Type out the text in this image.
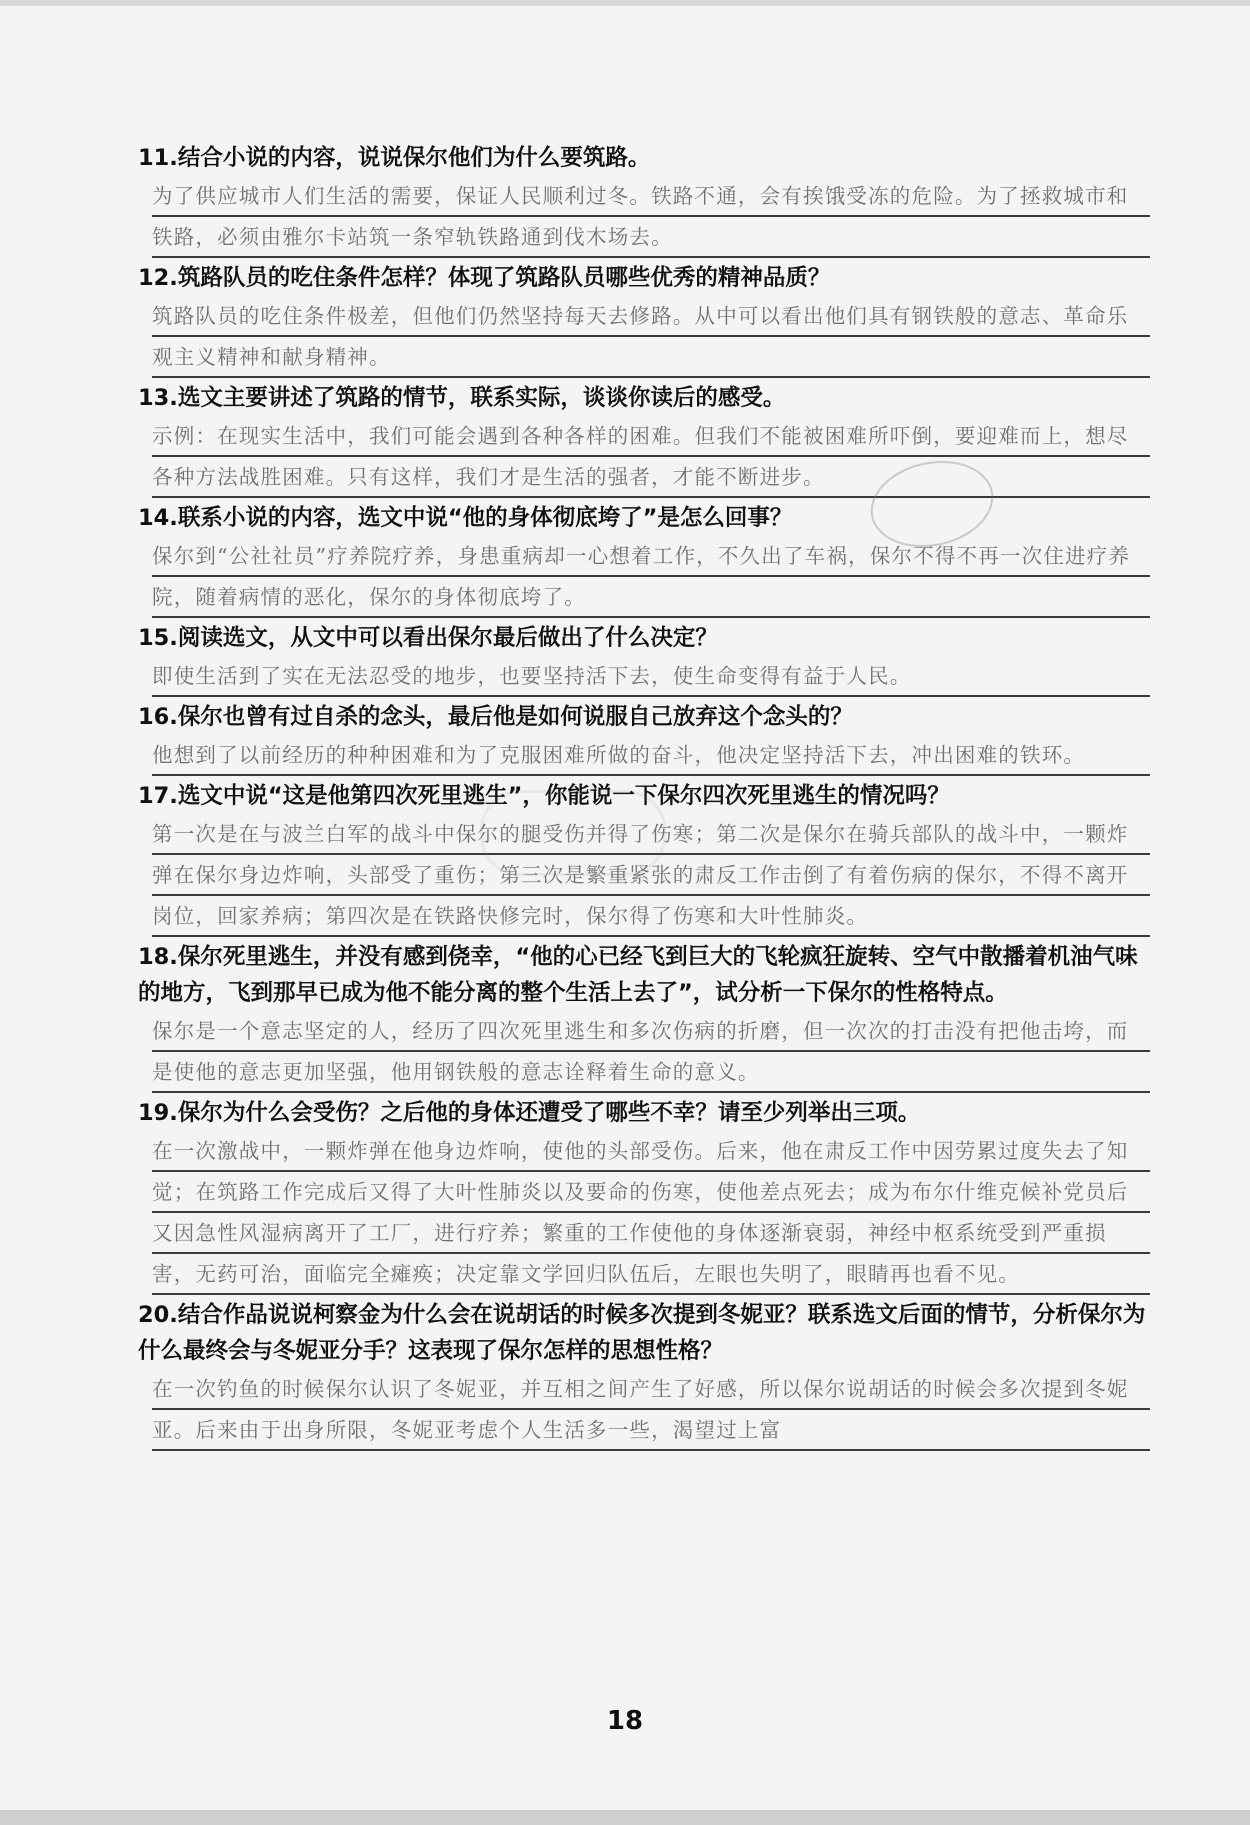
11.结合小说的内容，说说保尔他们为什么要筑路。

为了供应城市人们生活的需要，保证人民顺利过冬。铁路不通，会有挨饿受冻的危险。为了拯救城市和铁路，必须由雅尔卡站筑一条窄轨铁路通到伐木场去。

12.筑路队员的吃住条件怎样？体现了筑路队员哪些优秀的精神品质？

筑路队员的吃住条件极差，但他们仍然坚持每天去修路。从中可以看出他们具有钢铁般的意志、革命乐观主义精神和献身精神。

13.选文主要讲述了筑路的情节，联系实际，谈谈你读后的感受。

示例：在现实生活中，我们可能会遇到各种各样的困难。但我们不能被困难所吓倒，要迎难而上，想尽各种方法战胜困难。只有这样，我们才是生活的强者，才能不断进步。

14.联系小说的内容，选文中说“他的身体彻底垮了”是怎么回事？

保尔到“公社社员”疗养院疗养，身患重病却一心想着工作，不久出了车祸，保尔不得不再一次住进疗养院，随着病情的恶化，保尔的身体彻底垮了。

15.阅读选文，从文中可以看出保尔最后做出了什么决定？

即使生活到了实在无法忍受的地步，也要坚持活下去，使生命变得有益于人民。

16.保尔也曾有过自杀的念头，最后他是如何说服自己放弃这个念头的？

他想到了以前经历的种种困难和为了克服困难所做的奋斗，他决定坚持活下去，冲出困难的铁环。

17.选文中说“这是他第四次死里逃生”，你能说一下保尔四次死里逃生的情况吗？

第一次是在与波兰白军的战斗中保尔的腿受伤并得了伤寒；第二次是保尔在骑兵部队的战斗中，一颗炸弹在保尔身边炸响，头部受了重伤；第三次是繁重紧张的肃反工作击倒了有着伤病的保尔，不得不离开岗位，回家养病；第四次是在铁路快修完时，保尔得了伤寒和大叶性肺炎。

18.保尔死里逃生，并没有感到侥幸，“他的心已经飞到巨大的飞轮疯狂旋转、空气中散播着机油气味的地方，飞到那早已成为他不能分离的整个生活上去了”，试分析一下保尔的性格特点。

保尔是一个意志坚定的人，经历了四次死里逃生和多次伤病的折磨，但一次次的打击没有把他击垮，而是使他的意志更加坚强，他用钢铁般的意志诠释着生命的意义。

19.保尔为什么会受伤？之后他的身体还遭受了哪些不幸？请至少列举出三项。

在一次激战中，一颗炸弹在他身边炸响，使他的头部受伤。后来，他在肃反工作中因劳累过度失去了知觉；在筑路工作完成后又得了大叶性肺炎以及要命的伤寒，使他差点死去；成为布尔什维克候补党员后又因急性风湿病离开了工厂，进行疗养；繁重的工作使他的身体逐渐衰弱，神经中枢系统受到严重损害，无药可治，面临完全瘫痪；决定靠文学回归队伍后，左眼也失明了，眼睛再也看不见。

20.结合作品说说柯察金为什么会在说胡话的时候多次提到冬妮亚？联系选文后面的情节，分析保尔为什么最终会与冬妮亚分手？这表现了保尔怎样的思想性格？

在一次钓鱼的时候保尔认识了冬妮亚，并互相之间产生了好感，所以保尔说胡话的时候会多次提到冬妮亚。后来由于出身所限，冬妮亚考虑个人生活多一些，渴望过上富

18
